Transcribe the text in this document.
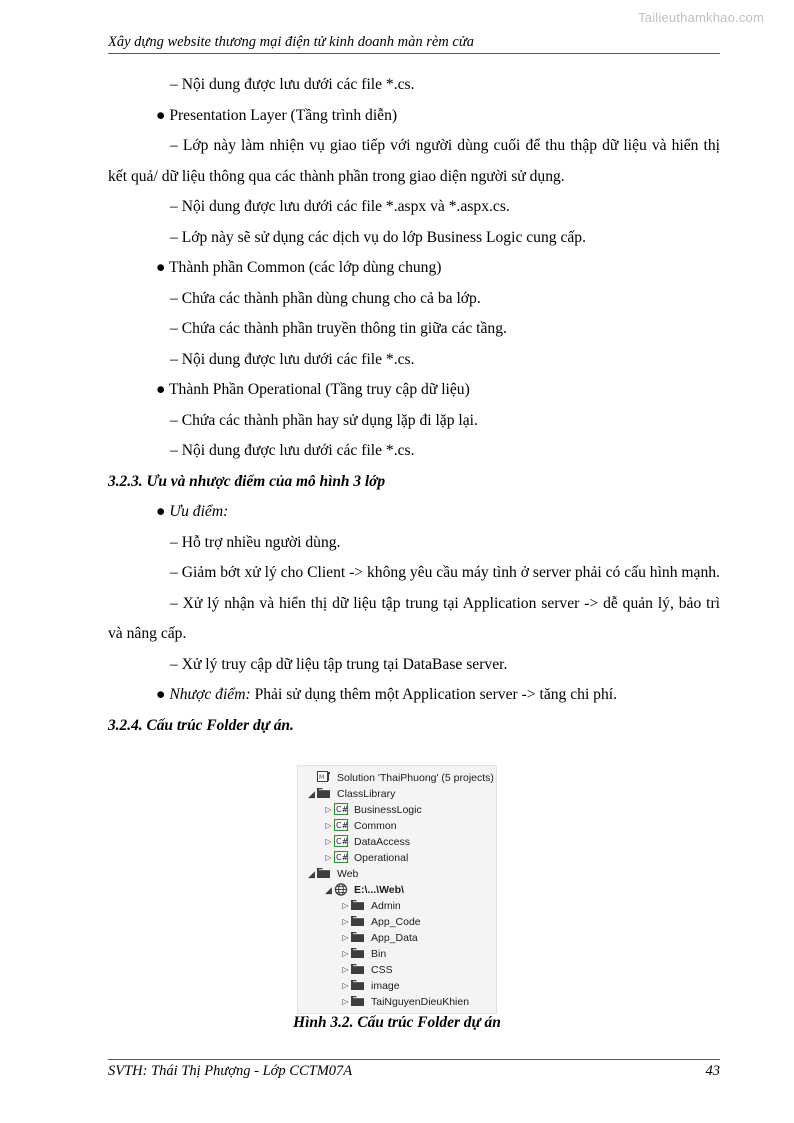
Tailieuthamkhao.com
Xây dựng website thương mại điện tử kinh doanh màn rèm cửa

– Nội dung được lưu dưới các file *.cs.

● Presentation Layer (Tầng trình diễn)

– Lớp này làm nhiện vụ giao tiếp với người dùng cuối để thu thập dữ liệu và hiển thị kết quả/ dữ liệu thông qua các thành phần trong giao diện người sử dụng.

– Nội dung được lưu dưới các file *.aspx và *.aspx.cs.

– Lớp này sẽ sử dụng các dịch vụ do lớp Business Logic cung cấp.

● Thành phần Common (các lớp dùng chung)

– Chứa các thành phần dùng chung cho cả ba lớp.

– Chứa các thành phần truyền thông tin giữa các tầng.

– Nội dung được lưu dưới các file *.cs.

● Thành Phần Operational (Tầng truy cập dữ liệu)

– Chứa các thành phần hay sử dụng lặp đi lặp lại.

– Nội dung được lưu dưới các file *.cs.

3.2.3. Ưu và nhược điểm của mô hình 3 lớp

● Ưu điểm:

– Hỗ trợ nhiều người dùng.

– Giảm bớt xử lý cho Client -> không yêu cầu máy tình ở server phải có cấu hình mạnh.

– Xử lý nhận và hiển thị dữ liệu tập trung tại Application server -> dễ quản lý, bảo trì và nâng cấp.

– Xử lý truy cập dữ liệu tập trung tại DataBase server.

● Nhược điểm: Phải sử dụng thêm một Application server -> tăng chi phí.

3.2.4. Cấu trúc Folder dự án.

M Solution 'ThaiPhuong' (5 projects)
◢ ClassLibrary
▷ C# BusinessLogic
▷ C# Common
▷ C# DataAccess
▷ C# Operational
◢ Web
◢ E:\...\Web\
▷ Admin
▷ App_Code
▷ App_Data
▷ Bin
▷ CSS
▷ image
▷ TaiNguyenDieuKhien
Hình 3.2. Cấu trúc Folder dự án
SVTH: Thái Thị Phượng - Lớp CCTM07A	43
